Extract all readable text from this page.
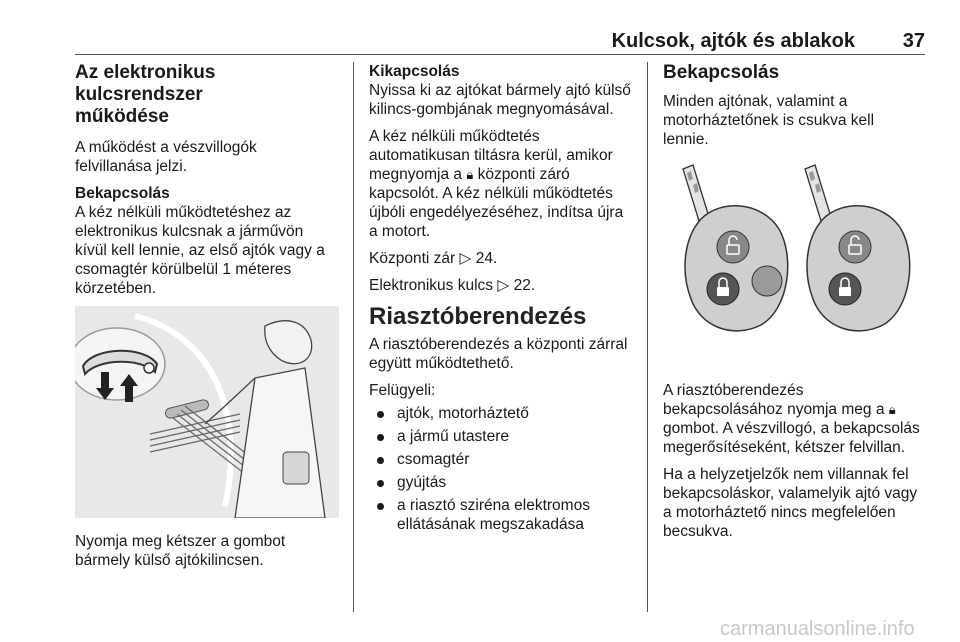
Kulcsok, ajtók és ablakok 37
Az elektronikus kulcsrendszer
működése

A működést a vészvillogók
felvillanása jelzi.

Bekapcsolás

A kéz nélküli működtetéshez az
elektronikus kulcsnak a járművön
kívül kell lennie, az első ajtók vagy a
csomagtér körülbelül 1 méteres
körzetében.

Nyomja meg kétszer a gombot
bármely külső ajtókilincsen.

Kikapcsolás

Nyissa ki az ajtókat bármely ajtó külső
kilincs-gombjának megnyomásával.

A kéz nélküli működtetés
automatikusan tiltásra kerül, amikor
megnyomja a 🔒︎ központi záró
kapcsolót. A kéz nélküli működtetés
újbóli engedélyezéséhez, indítsa újra
a motort.

Központi zár ▷ 24.

Elektronikus kulcs ▷ 22.

Riasztóberendezés

A riasztóberendezés a központi zárral
együtt működtethető.

Felügyeli:

ajtók, motorháztető
a jármű utastere
csomagtér
gyújtás
a riasztó sziréna elektromos
ellátásának megszakadása
Bekapcsolás

Minden ajtónak, valamint a
motorháztetőnek is csukva kell
lennie.

A riasztóberendezés
bekapcsolásához nyomja meg a 🔒︎
gombot. A vészvillogó, a bekapcsolás
megerősítéseként, kétszer felvillan.

Ha a helyzetjelzők nem villannak fel
bekapcsoláskor, valamelyik ajtó vagy
a motorháztető nincs megfelelően
becsukva.

carmanualsonline.info
